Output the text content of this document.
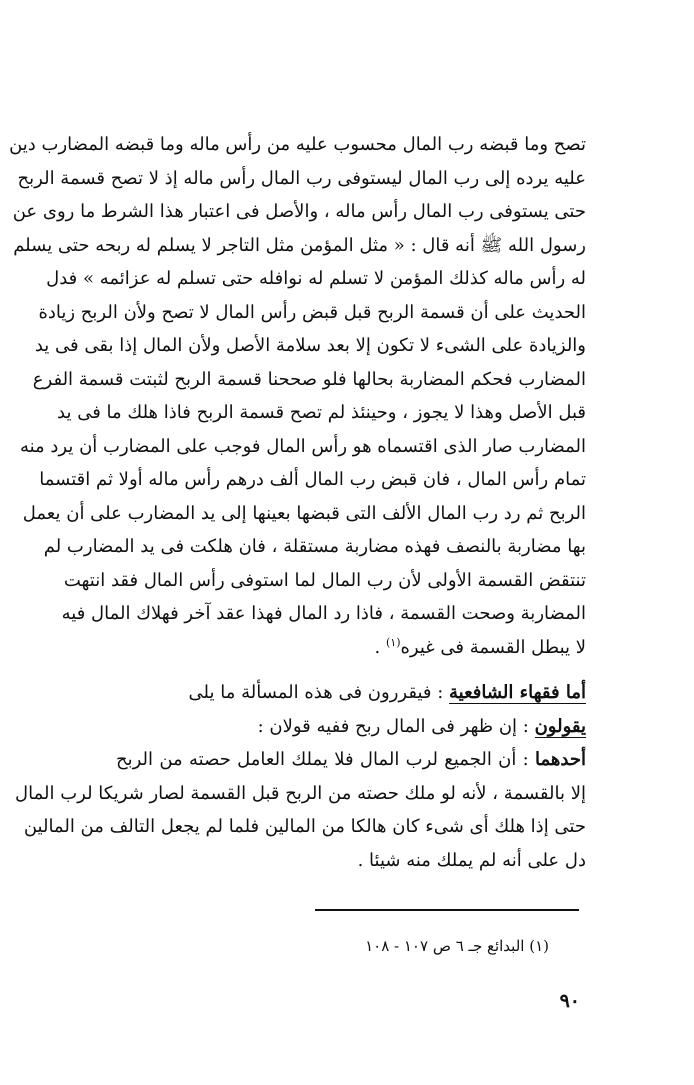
تصح وما قبضه رب المال محسوب عليه من رأس ماله وما قبضه المضارب دين
عليه يرده إلى رب المال ليستوفى رب المال رأس ماله إذ لا تصح قسمة الربح
حتى يستوفى رب المال رأس ماله ، والأصل فى اعتبار هذا الشرط ما روى عن
رسول الله ﷺ أنه قال : « مثل المؤمن مثل التاجر لا يسلم له ربحه حتى يسلم
له رأس ماله كذلك المؤمن لا تسلم له نوافله حتى تسلم له عزائمه » فدل
الحديث على أن قسمة الربح قبل قبض رأس المال لا تصح ولأن الربح زيادة
والزيادة على الشىء لا تكون إلا بعد سلامة الأصل ولأن المال إذا بقى فى يد
المضارب فحكم المضاربة بحالها فلو صححنا قسمة الربح لثبتت قسمة الفرع
قبل الأصل وهذا لا يجوز ، وحينئذ لم تصح قسمة الربح فاذا هلك ما فى يد
المضارب صار الذى اقتسماه هو رأس المال فوجب على المضارب أن يرد منه
تمام رأس المال ، فان قبض رب المال ألف درهم رأس ماله أولا ثم اقتسما
الربح ثم رد رب المال الألف التى قبضها بعينها إلى يد المضارب على أن يعمل
بها مضاربة بالنصف فهذه مضاربة مستقلة ، فان هلكت فى يد المضارب لم
تنتقض القسمة الأولى لأن رب المال لما استوفى رأس المال فقد انتهت
المضاربة وصحت القسمة ، فاذا رد المال فهذا عقد آخر فهلاك المال فيه
لا يبطل القسمة فى غيره$^{(١)}$ .
أما فقهاء الشافعية : فيقررون فى هذه المسألة ما يلى
يقولون : إن ظهر فى المال ربح ففيه قولان :
أحدهما : أن الجميع لرب المال فلا يملك العامل حصته من الربح
إلا بالقسمة ، لأنه لو ملك حصته من الربح قبل القسمة لصار شريكا لرب المال
حتى إذا هلك أى شىء كان هالكا من المالين فلما لم يجعل التالف من المالين
دل على أنه لم يملك منه شيئا .
(١) البدائع جـ ٦ ص ١٠٧ - ١٠٨
٩٠
